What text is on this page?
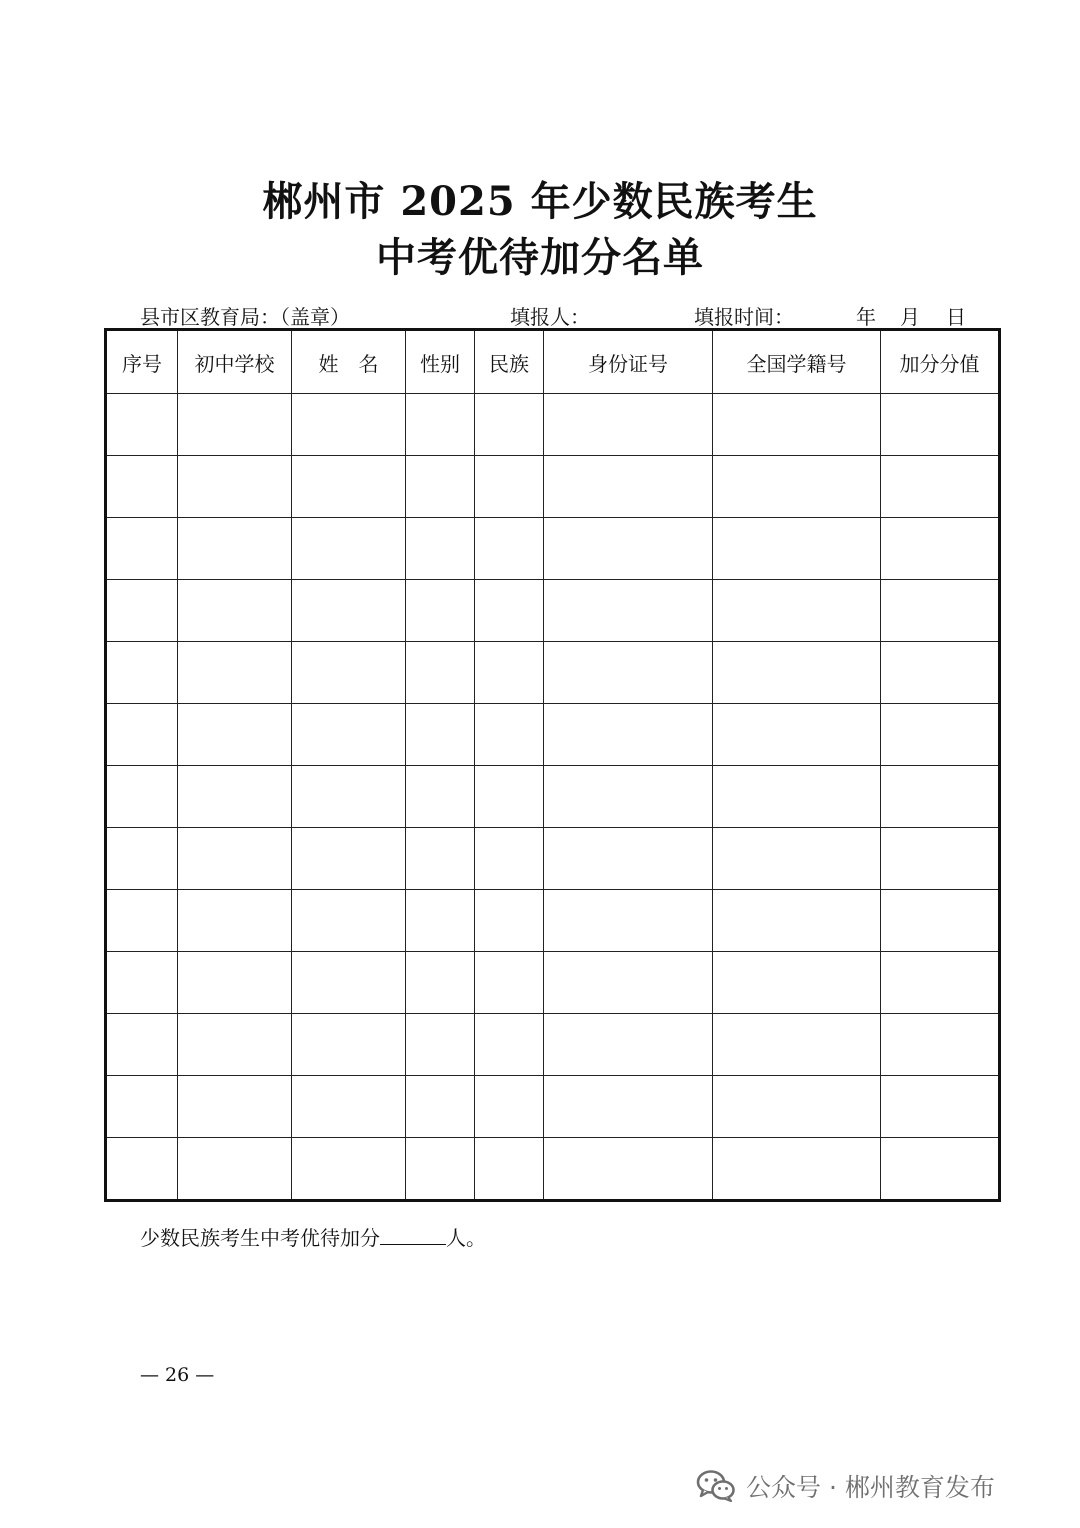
郴州市 2025 年少数民族考生
中考优待加分名单
县市区教育局：（盖章）	填报人：	填报时间：	年 月 日
序号	初中学校	姓　名	性别	民族	身份证号	全国学籍号	加分分值

少数民族考生中考优待加分	人。
— 26 —
公众号 · 郴州教育发布
